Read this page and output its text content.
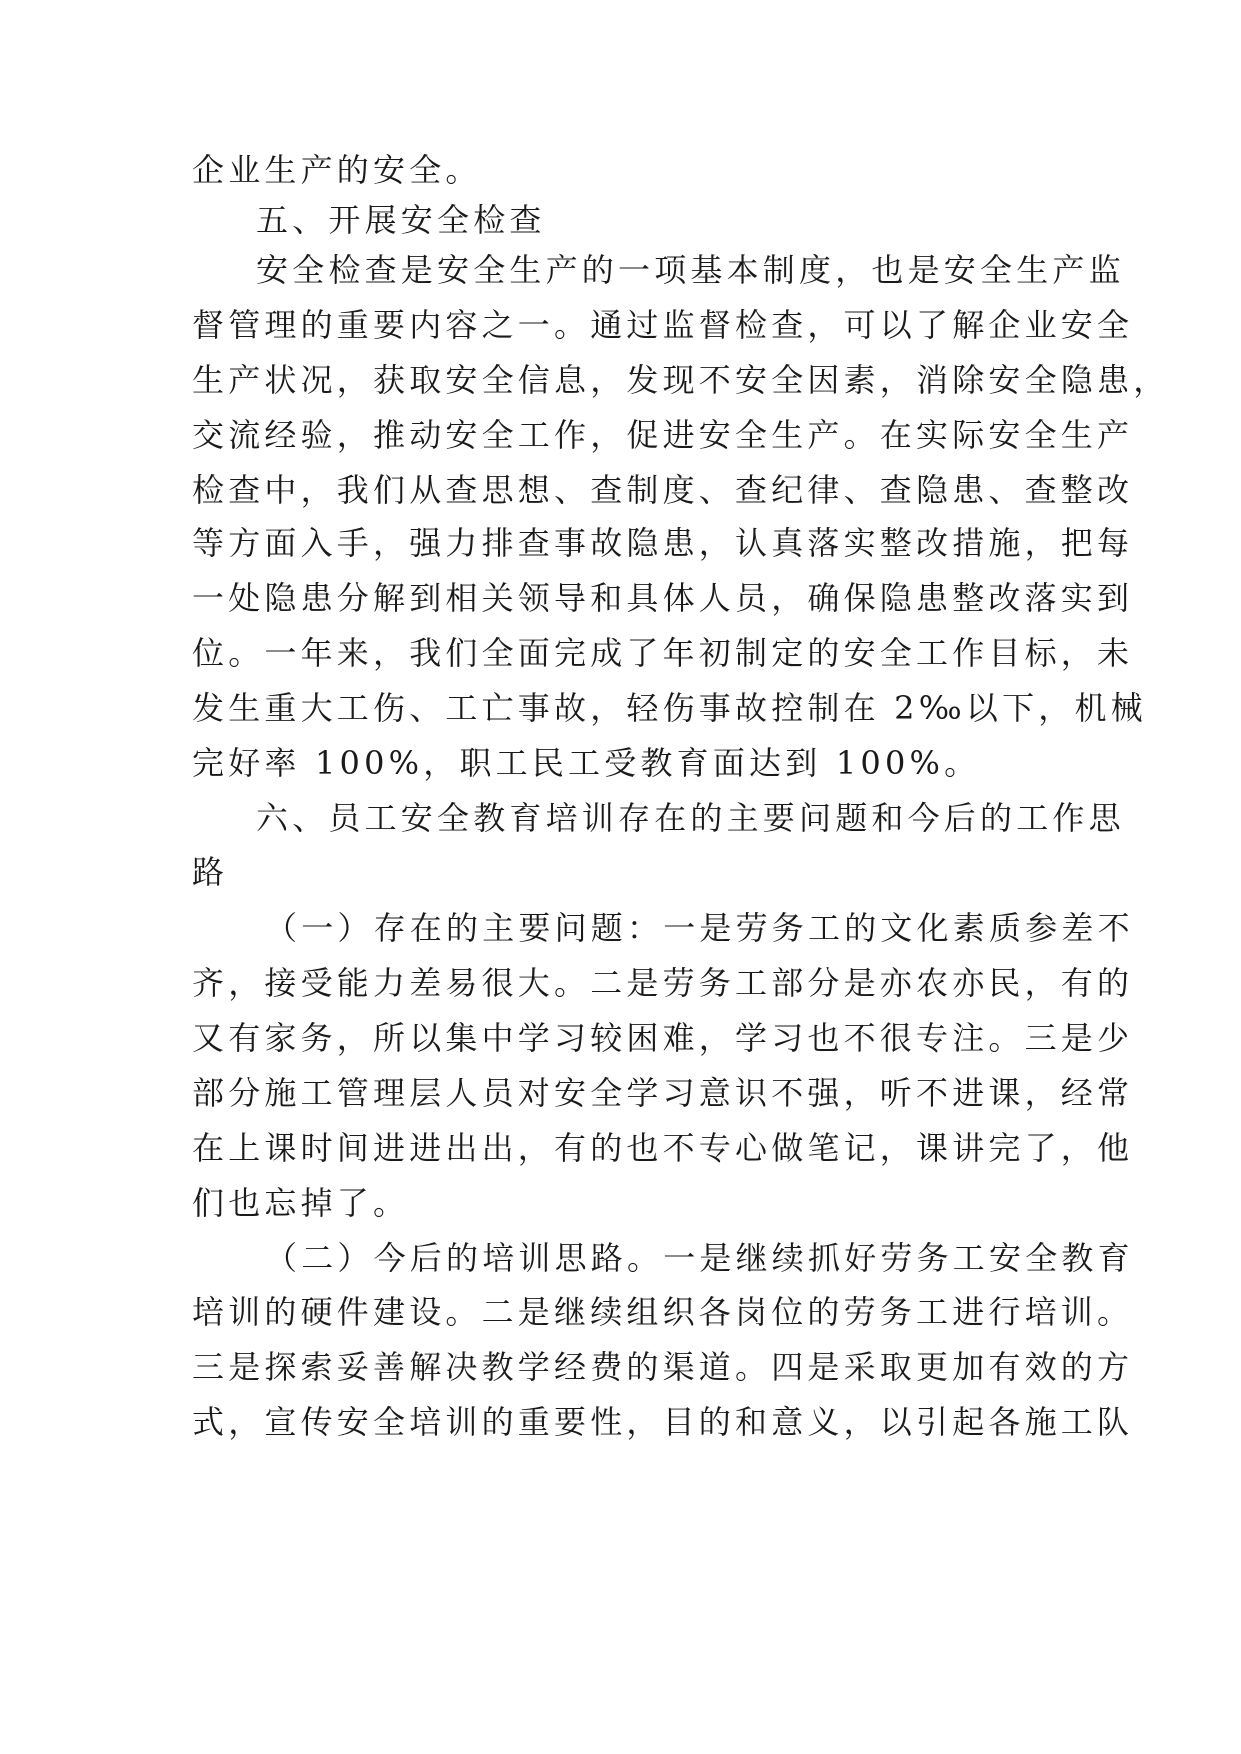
企业生产的安全。
五、开展安全检查
安全检查是安全生产的一项基本制度，也是安全生产监
督管理的重要内容之一。通过监督检查，可以了解企业安全
生产状况，获取安全信息，发现不安全因素，消除安全隐患，
交流经验，推动安全工作，促进安全生产。在实际安全生产
检查中，我们从查思想、查制度、查纪律、查隐患、查整改
等方面入手，强力排查事故隐患，认真落实整改措施，把每
一处隐患分解到相关领导和具体人员，确保隐患整改落实到
位。一年来，我们全面完成了年初制定的安全工作目标，未
发生重大工伤、工亡事故，轻伤事故控制在 2‰以下，机械
完好率 100%，职工民工受教育面达到 100%。
六、员工安全教育培训存在的主要问题和今后的工作思
路
（一）存在的主要问题：一是劳务工的文化素质参差不
齐，接受能力差易很大。二是劳务工部分是亦农亦民，有的
又有家务，所以集中学习较困难，学习也不很专注。三是少
部分施工管理层人员对安全学习意识不强，听不进课，经常
在上课时间进进出出，有的也不专心做笔记，课讲完了，他
们也忘掉了。
（二）今后的培训思路。一是继续抓好劳务工安全教育
培训的硬件建设。二是继续组织各岗位的劳务工进行培训。
三是探索妥善解决教学经费的渠道。四是采取更加有效的方
式，宣传安全培训的重要性，目的和意义，以引起各施工队
